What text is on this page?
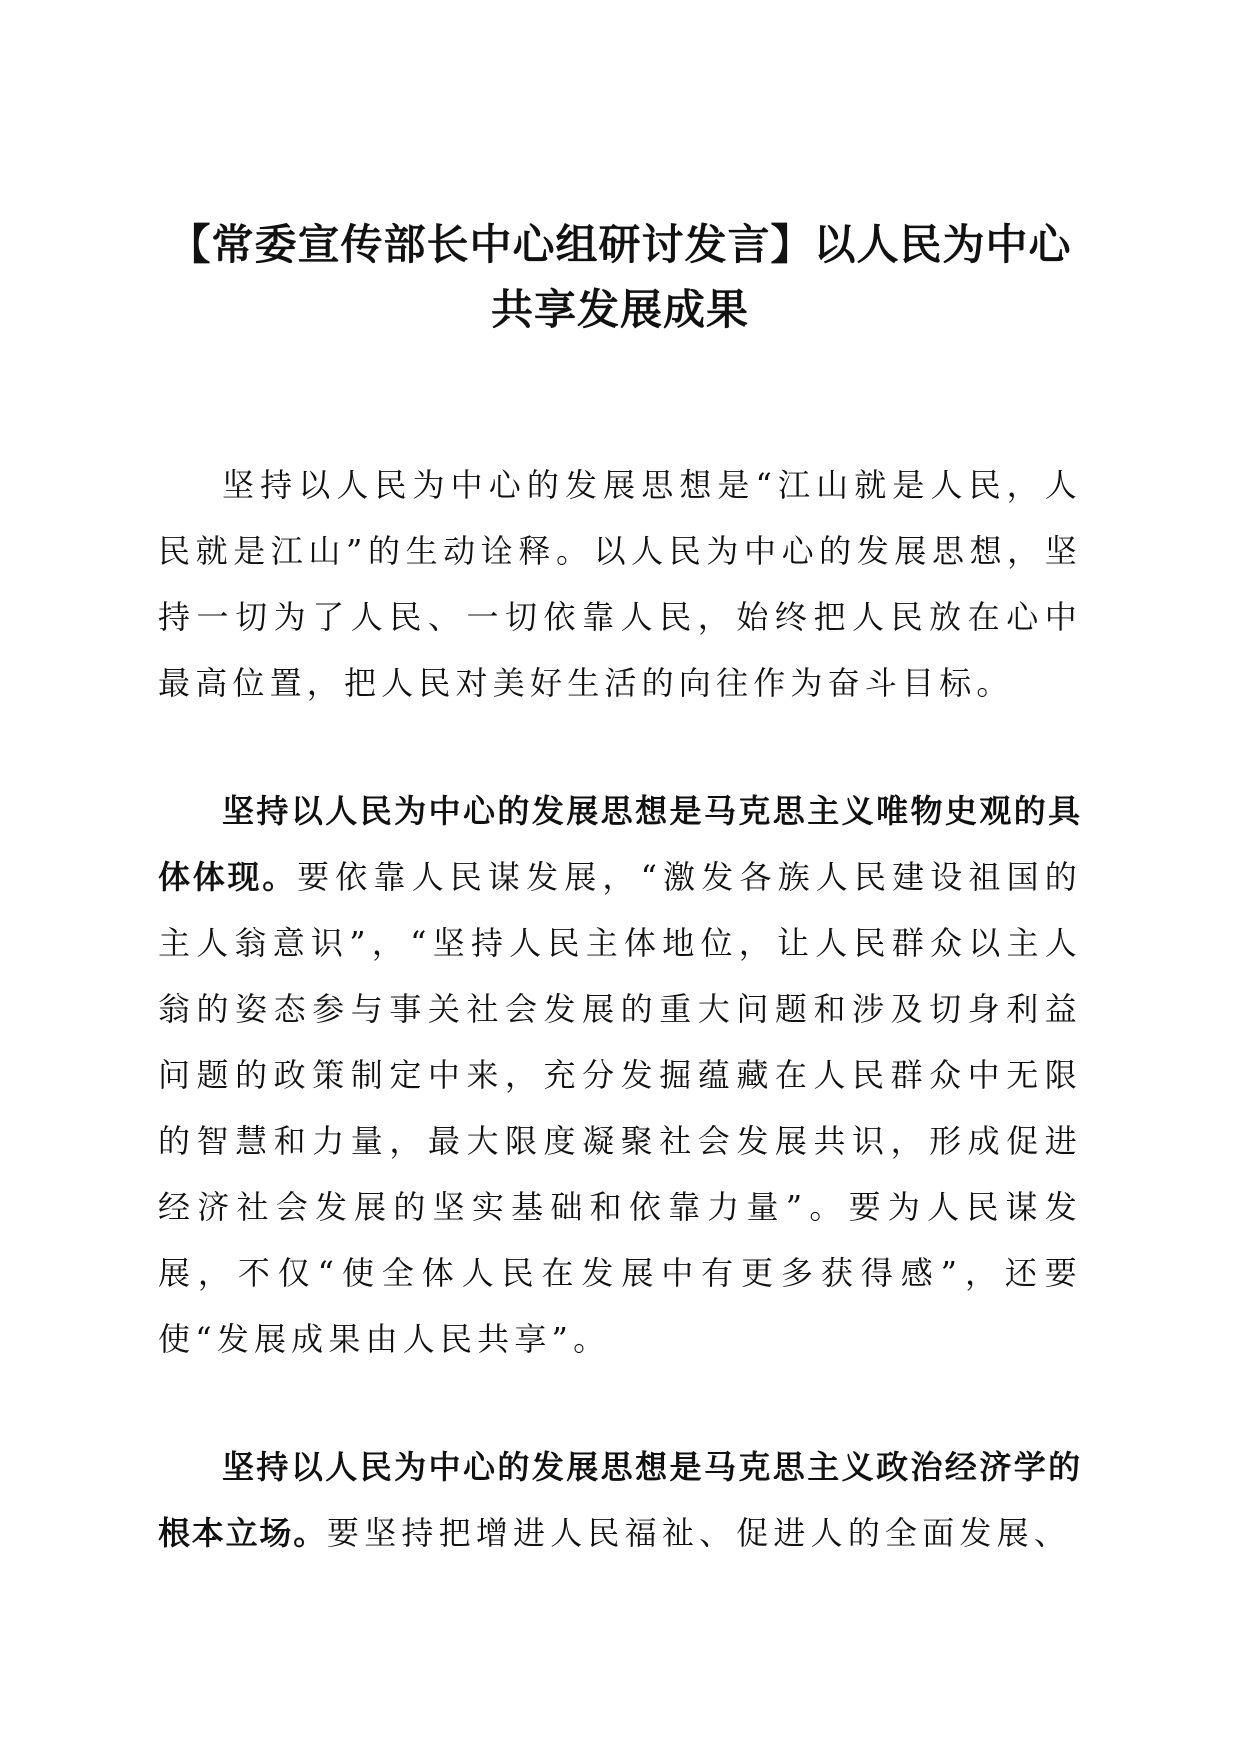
【常委宣传部长中心组研讨发言】以人民为中心共享发展成果

坚持以人民为中心的发展思想是“江山就是人民，人民就是江山”的生动诠释。以人民为中心的发展思想，坚持一切为了人民、一切依靠人民，始终把人民放在心中最高位置，把人民对美好生活的向往作为奋斗目标。

坚持以人民为中心的发展思想是马克思主义唯物史观的具体体现。要依靠人民谋发展，“激发各族人民建设祖国的主人翁意识”，“坚持人民主体地位，让人民群众以主人翁的姿态参与事关社会发展的重大问题和涉及切身利益问题的政策制定中来，充分发掘蕴藏在人民群众中无限的智慧和力量，最大限度凝聚社会发展共识，形成促进经济社会发展的坚实基础和依靠力量”。要为人民谋发展，不仅“使全体人民在发展中有更多获得感”，还要使“发展成果由人民共享”。

坚持以人民为中心的发展思想是马克思主义政治经济学的根本立场。要坚持把增进人民福祉、促进人的全面发展、
